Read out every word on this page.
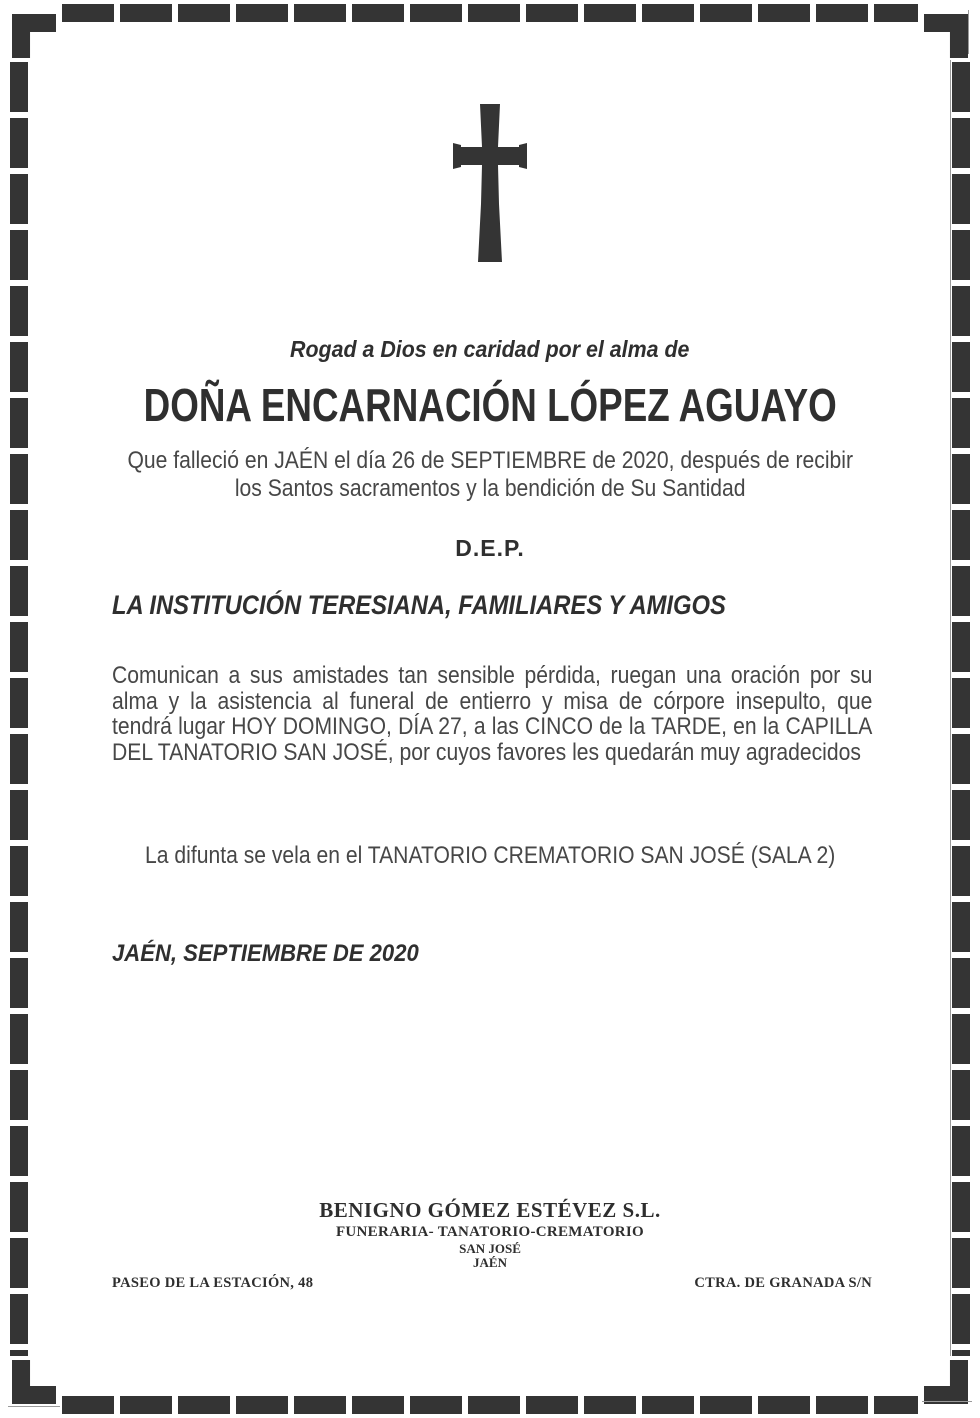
Rogad a Dios en caridad por el alma de
DOÑA ENCARNACIÓN LÓPEZ AGUAYO
Que falleció en JAÉN el día 26 de SEPTIEMBRE de 2020, después de recibir
los Santos sacramentos y la bendición de Su Santidad
D.E.P.
LA INSTITUCIÓN TERESIANA, FAMILIARES Y AMIGOS
Comunican a sus amistades tan sensible pérdida, ruegan una oración por su alma y la asistencia al funeral de entierro y misa de córpore insepulto, que tendrá lugar HOY DOMINGO, DÍA 27, a las CINCO de la TARDE, en la CAPILLA DEL TANATORIO SAN JOSÉ, por cuyos favores les quedarán muy agradecidos
La difunta se vela en el TANATORIO CREMATORIO SAN JOSÉ (SALA 2)
JAÉN, SEPTIEMBRE DE 2020
BENIGNO GÓMEZ ESTÉVEZ S.L.
FUNERARIA- TANATORIO-CREMATORIO
SAN JOSÉ
JAÉN
PASEO DE LA ESTACIÓN, 48	CTRA. DE GRANADA S/N
